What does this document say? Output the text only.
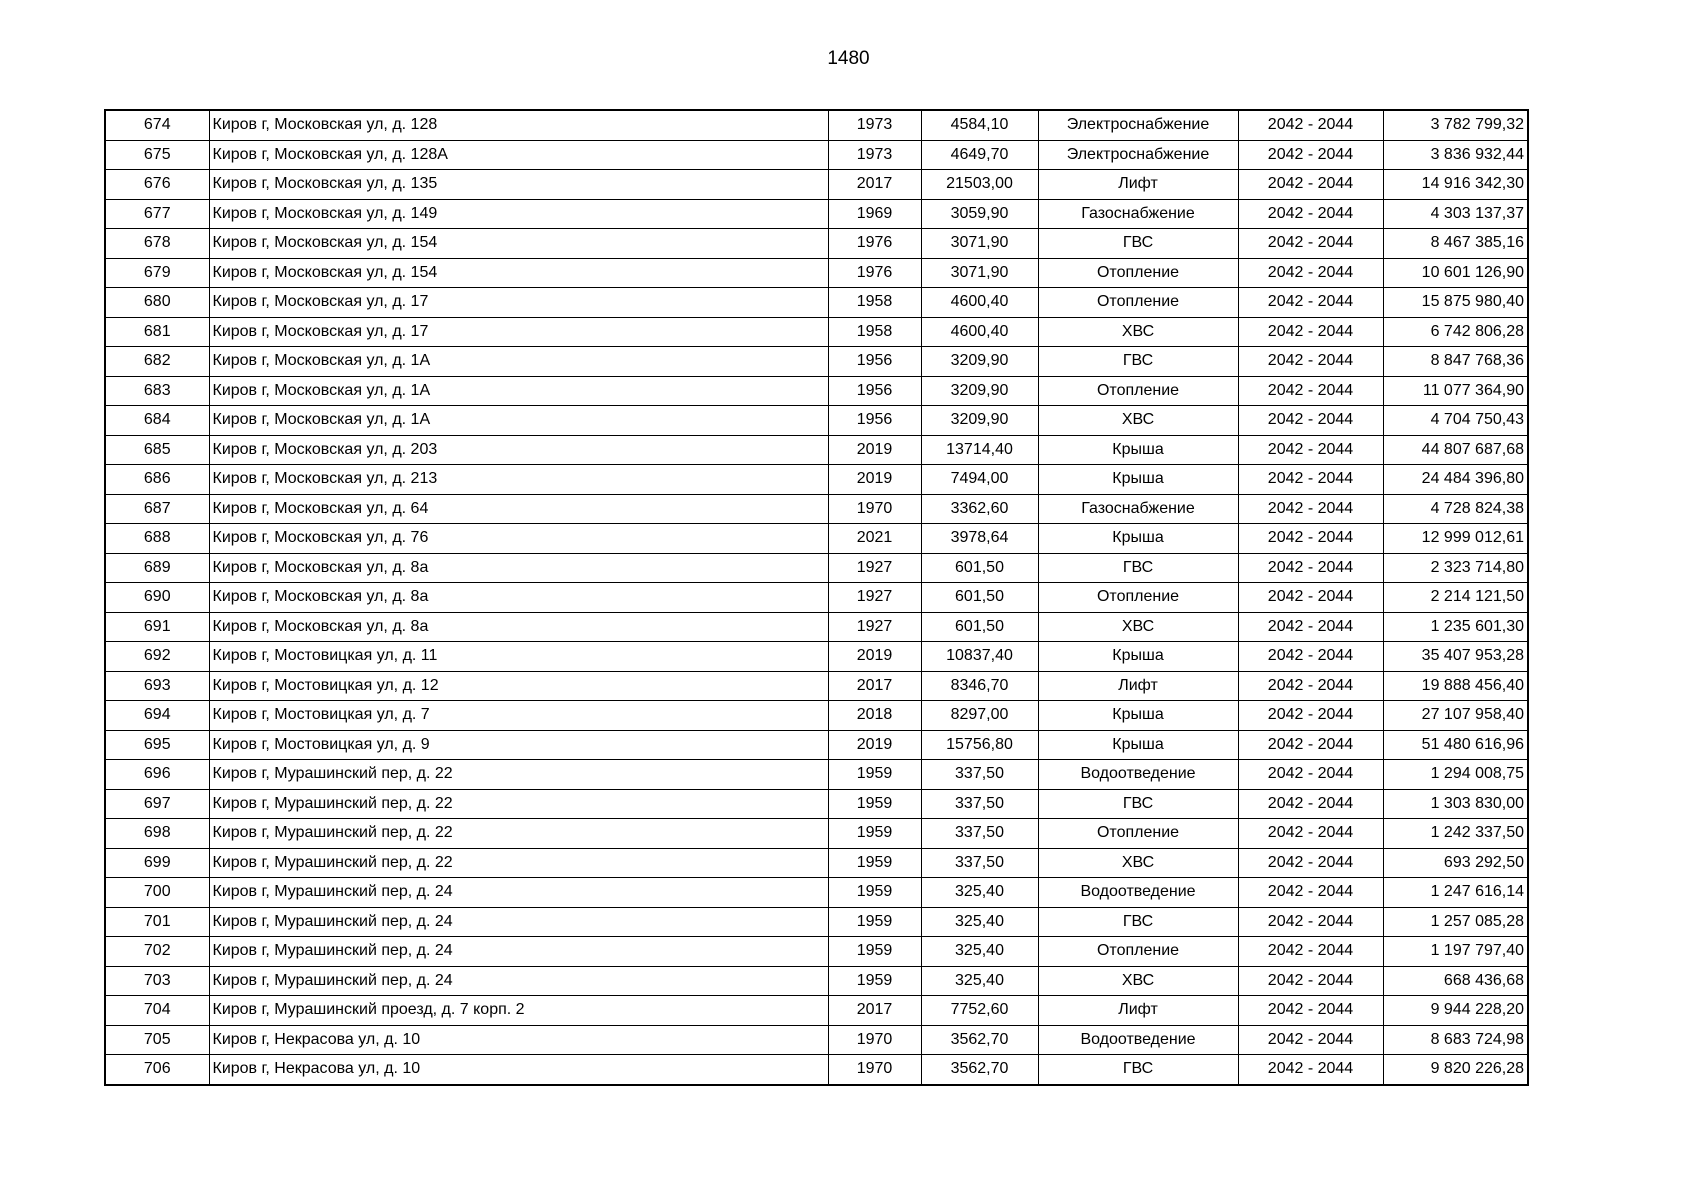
1480
674	Киров г, Московская ул, д. 128	1973	4584,10	Электроснабжение	2042 - 2044	3 782 799,32
675	Киров г, Московская ул, д. 128А	1973	4649,70	Электроснабжение	2042 - 2044	3 836 932,44
676	Киров г, Московская ул, д. 135	2017	21503,00	Лифт	2042 - 2044	14 916 342,30
677	Киров г, Московская ул, д. 149	1969	3059,90	Газоснабжение	2042 - 2044	4 303 137,37
678	Киров г, Московская ул, д. 154	1976	3071,90	ГВС	2042 - 2044	8 467 385,16
679	Киров г, Московская ул, д. 154	1976	3071,90	Отопление	2042 - 2044	10 601 126,90
680	Киров г, Московская ул, д. 17	1958	4600,40	Отопление	2042 - 2044	15 875 980,40
681	Киров г, Московская ул, д. 17	1958	4600,40	ХВС	2042 - 2044	6 742 806,28
682	Киров г, Московская ул, д. 1А	1956	3209,90	ГВС	2042 - 2044	8 847 768,36
683	Киров г, Московская ул, д. 1А	1956	3209,90	Отопление	2042 - 2044	11 077 364,90
684	Киров г, Московская ул, д. 1А	1956	3209,90	ХВС	2042 - 2044	4 704 750,43
685	Киров г, Московская ул, д. 203	2019	13714,40	Крыша	2042 - 2044	44 807 687,68
686	Киров г, Московская ул, д. 213	2019	7494,00	Крыша	2042 - 2044	24 484 396,80
687	Киров г, Московская ул, д. 64	1970	3362,60	Газоснабжение	2042 - 2044	4 728 824,38
688	Киров г, Московская ул, д. 76	2021	3978,64	Крыша	2042 - 2044	12 999 012,61
689	Киров г, Московская ул, д. 8а	1927	601,50	ГВС	2042 - 2044	2 323 714,80
690	Киров г, Московская ул, д. 8а	1927	601,50	Отопление	2042 - 2044	2 214 121,50
691	Киров г, Московская ул, д. 8а	1927	601,50	ХВС	2042 - 2044	1 235 601,30
692	Киров г, Мостовицкая ул, д. 11	2019	10837,40	Крыша	2042 - 2044	35 407 953,28
693	Киров г, Мостовицкая ул, д. 12	2017	8346,70	Лифт	2042 - 2044	19 888 456,40
694	Киров г, Мостовицкая ул, д. 7	2018	8297,00	Крыша	2042 - 2044	27 107 958,40
695	Киров г, Мостовицкая ул, д. 9	2019	15756,80	Крыша	2042 - 2044	51 480 616,96
696	Киров г, Мурашинский пер, д. 22	1959	337,50	Водоотведение	2042 - 2044	1 294 008,75
697	Киров г, Мурашинский пер, д. 22	1959	337,50	ГВС	2042 - 2044	1 303 830,00
698	Киров г, Мурашинский пер, д. 22	1959	337,50	Отопление	2042 - 2044	1 242 337,50
699	Киров г, Мурашинский пер, д. 22	1959	337,50	ХВС	2042 - 2044	693 292,50
700	Киров г, Мурашинский пер, д. 24	1959	325,40	Водоотведение	2042 - 2044	1 247 616,14
701	Киров г, Мурашинский пер, д. 24	1959	325,40	ГВС	2042 - 2044	1 257 085,28
702	Киров г, Мурашинский пер, д. 24	1959	325,40	Отопление	2042 - 2044	1 197 797,40
703	Киров г, Мурашинский пер, д. 24	1959	325,40	ХВС	2042 - 2044	668 436,68
704	Киров г, Мурашинский проезд, д. 7 корп. 2	2017	7752,60	Лифт	2042 - 2044	9 944 228,20
705	Киров г, Некрасова ул, д. 10	1970	3562,70	Водоотведение	2042 - 2044	8 683 724,98
706	Киров г, Некрасова ул, д. 10	1970	3562,70	ГВС	2042 - 2044	9 820 226,28
